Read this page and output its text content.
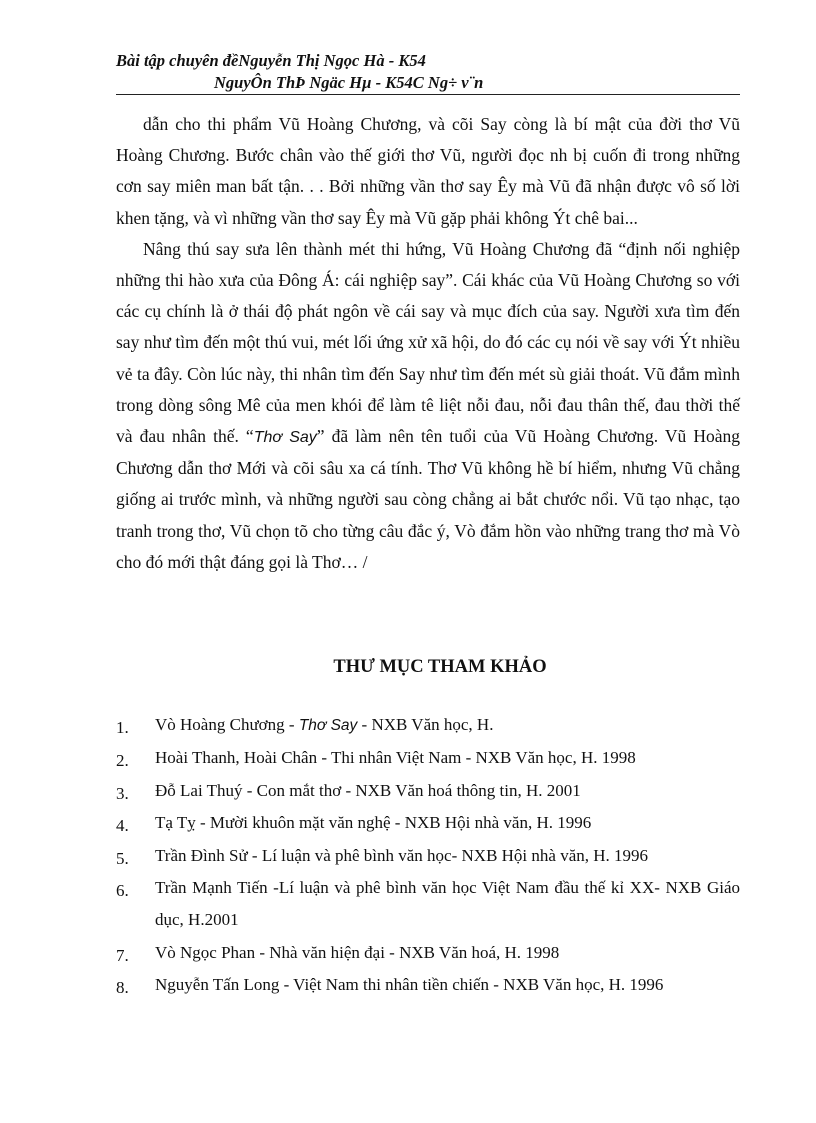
Bài tập chuyên đềNguyễn Thị Ngọc Hà - K54
NguyÔn ThÞ Ngäc Hµ - K54C Ng÷ v¨n

dẫn cho thi phẩm Vũ Hoàng Chương, và cõi Say còng là bí mật của đời thơ Vũ Hoàng Chương. Bước chân vào thế giới thơ Vũ, người đọc nh bị cuốn đi trong những cơn say miên man bất tận. . . Bởi những vần thơ say Êy mà Vũ đã nhận được vô số lời khen tặng, và vì những vần thơ say Êy mà Vũ gặp phải không Ýt chê bai...

Nâng thú say sưa lên thành mét thi hứng, Vũ Hoàng Chương đã “định nối nghiệp những thi hào xưa của Đông Á: cái nghiệp say”. Cái khác của Vũ Hoàng Chương so với các cụ chính là ở thái độ phát ngôn về cái say và mục đích của say. Người xưa tìm đến say như tìm đến một thú vui, mét lối ứng xử xã hội, do đó các cụ nói về say với Ýt nhiều vẻ ta đây. Còn lúc này, thi nhân tìm đến Say như tìm đến mét sù giải thoát. Vũ đắm mình trong dòng sông Mê của men khói để làm tê liệt nỗi đau, nỗi đau thân thế, đau thời thế và đau nhân thế. “Thơ Say” đã làm nên tên tuổi của Vũ Hoàng Chương. Vũ Hoàng Chương dẫn thơ Mới và cõi sâu xa cá tính. Thơ Vũ không hề bí hiểm, nhưng Vũ chẳng giống ai trước mình, và những người sau còng chẳng ai bắt chước nổi. Vũ tạo nhạc, tạo tranh trong thơ, Vũ chọn tõ cho từng câu đắc ý, Vò đắm hồn vào những trang thơ mà Vò cho đó mới thật đáng gọi là Thơ… /

THƯ MỤC THAM KHẢO
1. Vò Hoàng Chương - Thơ Say - NXB Văn học, H.
2. Hoài Thanh, Hoài Chân - Thi nhân Việt Nam - NXB Văn học, H. 1998
3. Đỗ Lai Thuý - Con mắt thơ - NXB Văn hoá thông tin, H. 2001
4. Tạ Tỵ - Mười khuôn mặt văn nghệ - NXB Hội nhà văn, H. 1996
5. Trần Đình Sử - Lí luận và phê bình văn học- NXB Hội nhà văn, H. 1996
6. Trần Mạnh Tiến -Lí luận và phê bình văn học Việt Nam đầu thế kỉ XX- NXB Giáo dục, H.2001
7. Vò Ngọc Phan - Nhà văn hiện đại - NXB Văn hoá, H. 1998
8. Nguyễn Tấn Long - Việt Nam thi nhân tiền chiến - NXB Văn học, H. 1996
